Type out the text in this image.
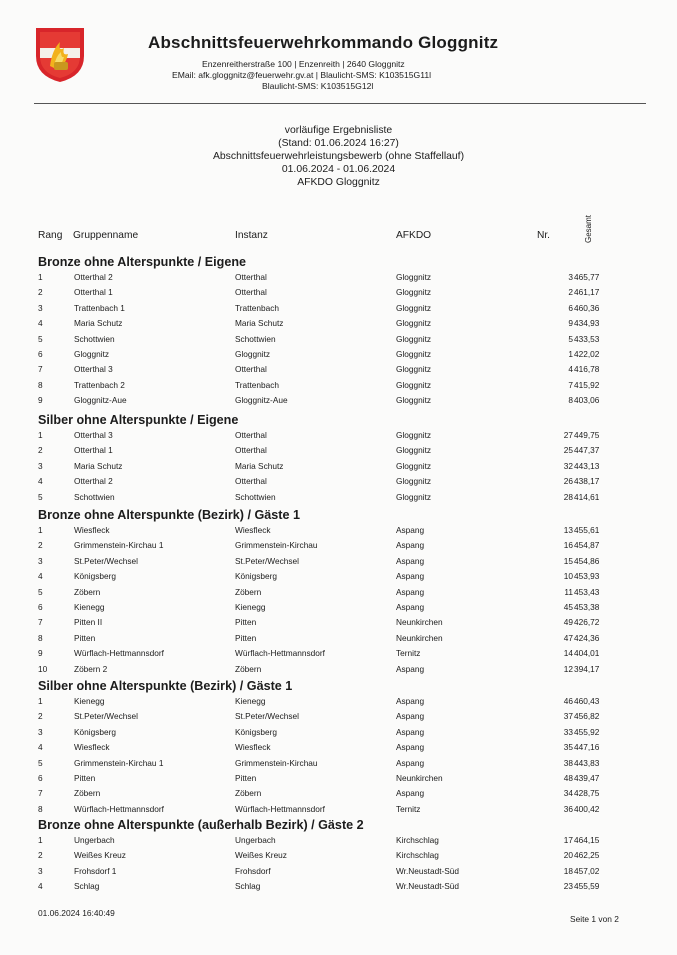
Abschnittsfeuerwehrkommando Gloggnitz
Enzenreitherstraße 100 | Enzenreith | 2640 Gloggnitz
EMail: afk.gloggnitz@feuerwehr.gv.at | Blaulicht-SMS: K103515G11l
Blaulicht-SMS: K103515G12l
vorläufige Ergebnisliste
(Stand: 01.06.2024 16:27)
Abschnittsfeuerwehrleistungsbewerb (ohne Staffellauf)
01.06.2024 - 01.06.2024
AFKDO Gloggnitz
Rang Gruppenname	Instanz	AFKDO	Nr.	Gesamt
Bronze ohne Alterspunkte / Eigene
1	Otterthal 2	Otterthal	Gloggnitz	3 465,77
2	Otterthal 1	Otterthal	Gloggnitz	2 461,17
3	Trattenbach 1	Trattenbach	Gloggnitz	6 460,36
4	Maria Schutz	Maria Schutz	Gloggnitz	9 434,93
5	Schottwien	Schottwien	Gloggnitz	5 433,53
6	Gloggnitz	Gloggnitz	Gloggnitz	1 422,02
7	Otterthal 3	Otterthal	Gloggnitz	4 416,78
8	Trattenbach 2	Trattenbach	Gloggnitz	7 415,92
9	Gloggnitz-Aue	Gloggnitz-Aue	Gloggnitz	8 403,06
Silber ohne Alterspunkte / Eigene
1	Otterthal 3	Otterthal	Gloggnitz	27 449,75
2	Otterthal 1	Otterthal	Gloggnitz	25 447,37
3	Maria Schutz	Maria Schutz	Gloggnitz	32 443,13
4	Otterthal 2	Otterthal	Gloggnitz	26 438,17
5	Schottwien	Schottwien	Gloggnitz	28 414,61
Bronze ohne Alterspunkte (Bezirk) / Gäste 1
1	Wiesfleck	Wiesfleck	Aspang	13 455,61
2	Grimmenstein-Kirchau 1	Grimmenstein-Kirchau	Aspang	16 454,87
3	St.Peter/Wechsel	St.Peter/Wechsel	Aspang	15 454,86
4	Königsberg	Königsberg	Aspang	10 453,93
5	Zöbern	Zöbern	Aspang	11 453,43
6	Kienegg	Kienegg	Aspang	45 453,38
7	Pitten II	Pitten	Neunkirchen	49 426,72
8	Pitten	Pitten	Neunkirchen	47 424,36
9	Würflach-Hettmannsdorf	Würflach-Hettmannsdorf	Ternitz	14 404,01
10	Zöbern 2	Zöbern	Aspang	12 394,17
Silber ohne Alterspunkte (Bezirk) / Gäste 1
1	Kienegg	Kienegg	Aspang	46 460,43
2	St.Peter/Wechsel	St.Peter/Wechsel	Aspang	37 456,82
3	Königsberg	Königsberg	Aspang	33 455,92
4	Wiesfleck	Wiesfleck	Aspang	35 447,16
5	Grimmenstein-Kirchau 1	Grimmenstein-Kirchau	Aspang	38 443,83
6	Pitten	Pitten	Neunkirchen	48 439,47
7	Zöbern	Zöbern	Aspang	34 428,75
8	Würflach-Hettmannsdorf	Würflach-Hettmannsdorf	Ternitz	36 400,42
Bronze ohne Alterspunkte (außerhalb Bezirk) / Gäste 2
1	Ungerbach	Ungerbach	Kirchschlag	17 464,15
2	Weißes Kreuz	Weißes Kreuz	Kirchschlag	20 462,25
3	Frohsdorf 1	Frohsdorf	Wr.Neustadt-Süd	18 457,02
4	Schlag	Schlag	Wr.Neustadt-Süd	23 455,59
01.06.2024 16:40:49
Seite 1 von 2
